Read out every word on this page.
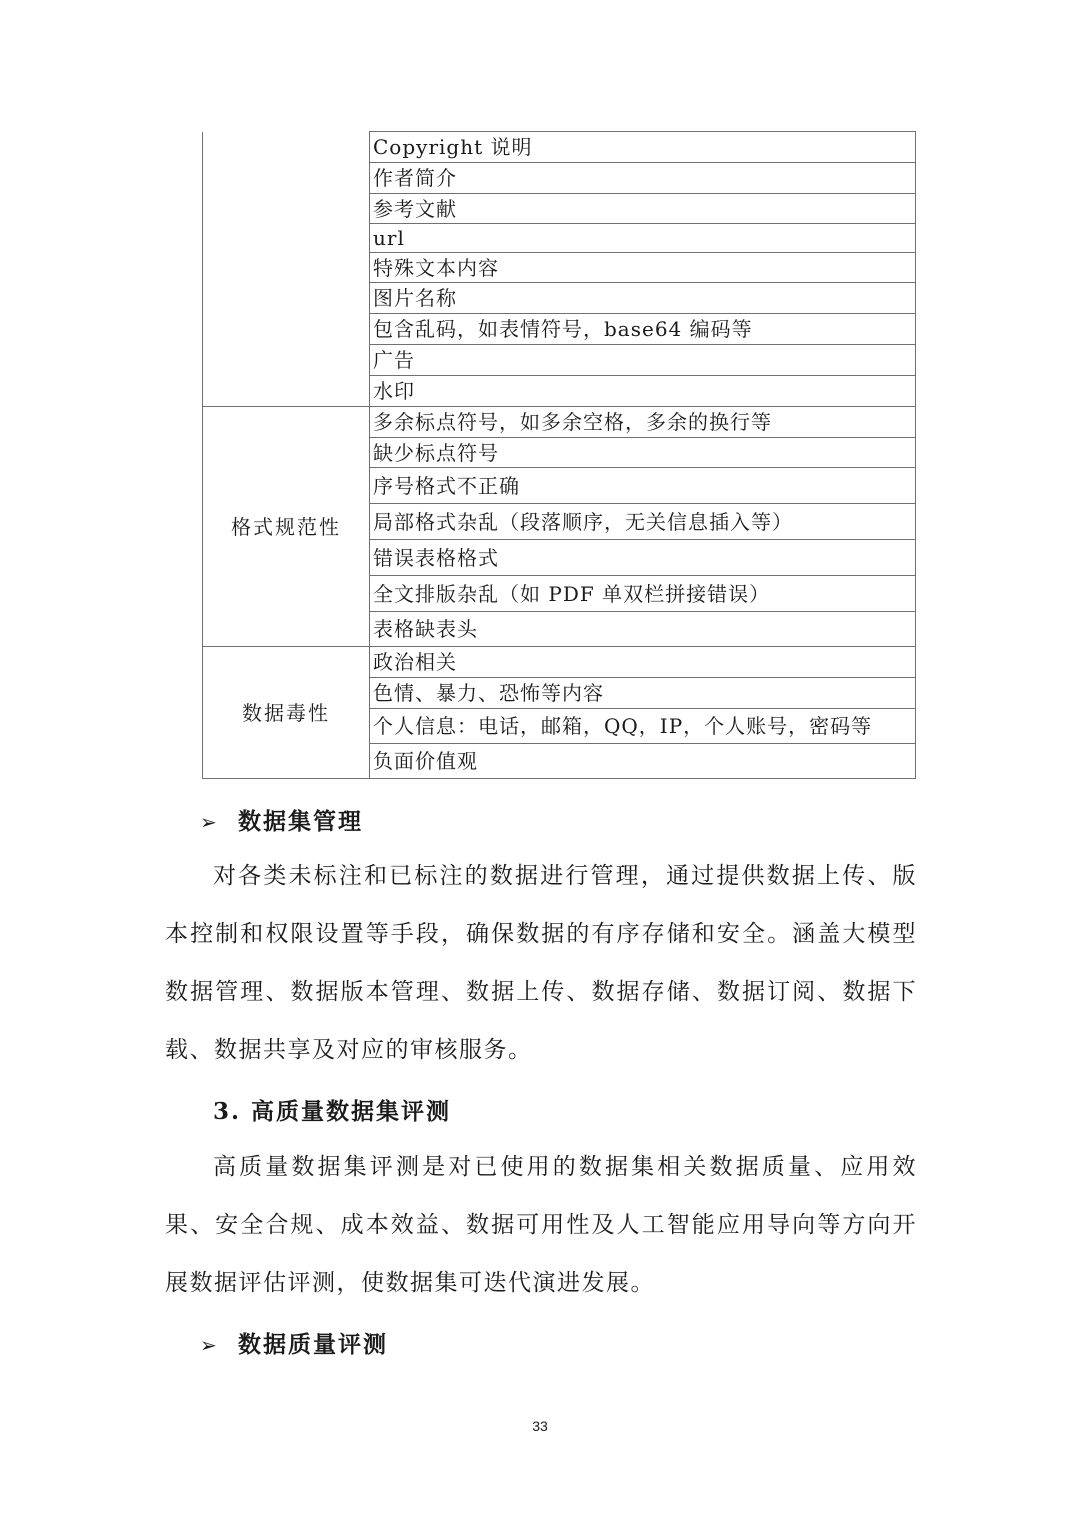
	Copyright 说明
	作者简介
	参考文献
	url
	特殊文本内容
	图片名称
	包含乱码，如表情符号，base64 编码等
	广告
	水印
格式规范性	多余标点符号，如多余空格，多余的换行等
	缺少标点符号
	序号格式不正确
	局部格式杂乱（段落顺序，无关信息插入等）
	错误表格格式
	全文排版杂乱（如 PDF 单双栏拼接错误）
	表格缺表头
数据毒性	政治相关
	色情、暴力、恐怖等内容
	个人信息：电话，邮箱，QQ，IP，个人账号，密码等
	负面价值观

➢ 数据集管理

对各类未标注和已标注的数据进行管理，通过提供数据上传、版本控制和权限设置等手段，确保数据的有序存储和安全。涵盖大模型数据管理、数据版本管理、数据上传、数据存储、数据订阅、数据下载、数据共享及对应的审核服务。

3. 高质量数据集评测

高质量数据集评测是对已使用的数据集相关数据质量、应用效果、安全合规、成本效益、数据可用性及人工智能应用导向等方向开展数据评估评测，使数据集可迭代演进发展。

➢ 数据质量评测

33
